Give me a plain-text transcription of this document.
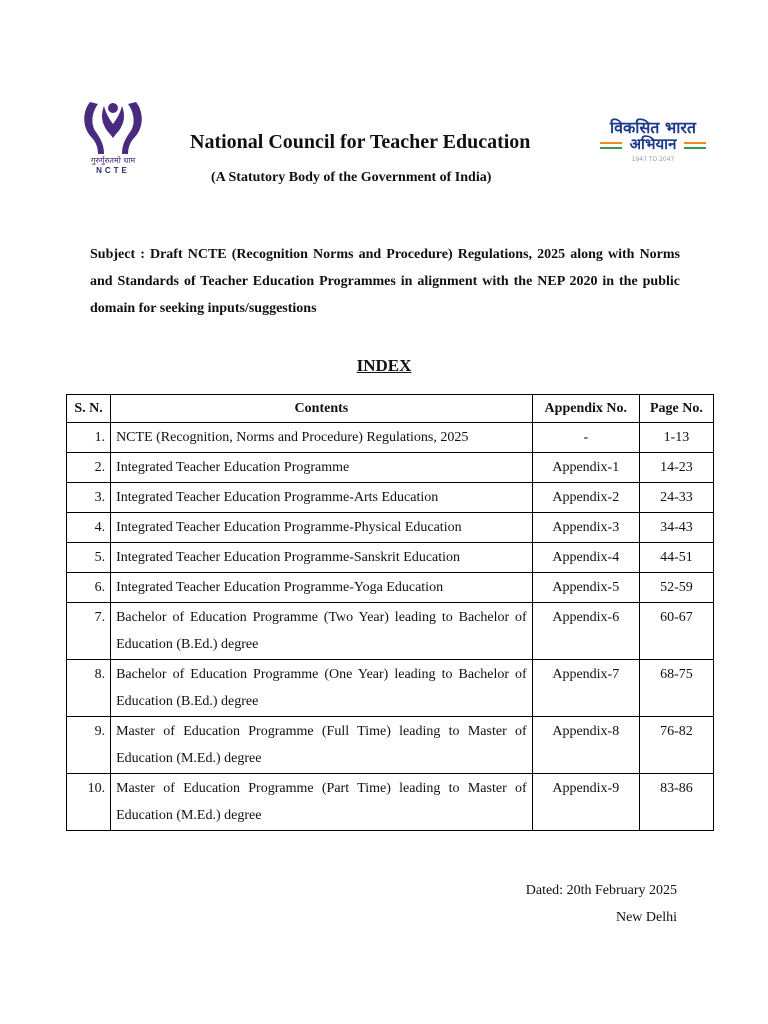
गुरुर्गुरुतमो धाम
NCTE
National Council for Teacher Education
(A Statutory Body of the Government of India)
विकसित भारत
अभियान
1947 TO 2047

Subject : Draft NCTE (Recognition Norms and Procedure) Regulations, 2025 along with Norms and Standards of Teacher Education Programmes in alignment with the NEP 2020 in the public domain for seeking inputs/suggestions

INDEX
S. N.	Contents	Appendix No.	Page No.
1.	NCTE (Recognition, Norms and Procedure) Regulations, 2025	-	1-13
2.	Integrated Teacher Education Programme	Appendix-1	14-23
3.	Integrated Teacher Education Programme-Arts Education	Appendix-2	24-33
4.	Integrated Teacher Education Programme-Physical Education	Appendix-3	34-43
5.	Integrated Teacher Education Programme-Sanskrit Education	Appendix-4	44-51
6.	Integrated Teacher Education Programme-Yoga Education	Appendix-5	52-59
7.	Bachelor of Education Programme (Two Year) leading to Bachelor of Education (B.Ed.) degree	Appendix-6	60-67
8.	Bachelor of Education Programme (One Year) leading to Bachelor of Education (B.Ed.) degree	Appendix-7	68-75
9.	Master of Education Programme (Full Time) leading to Master of Education (M.Ed.) degree	Appendix-8	76-82
10.	Master of Education Programme (Part Time) leading to Master of Education (M.Ed.) degree	Appendix-9	83-86
Dated: 20th February 2025
New Delhi
